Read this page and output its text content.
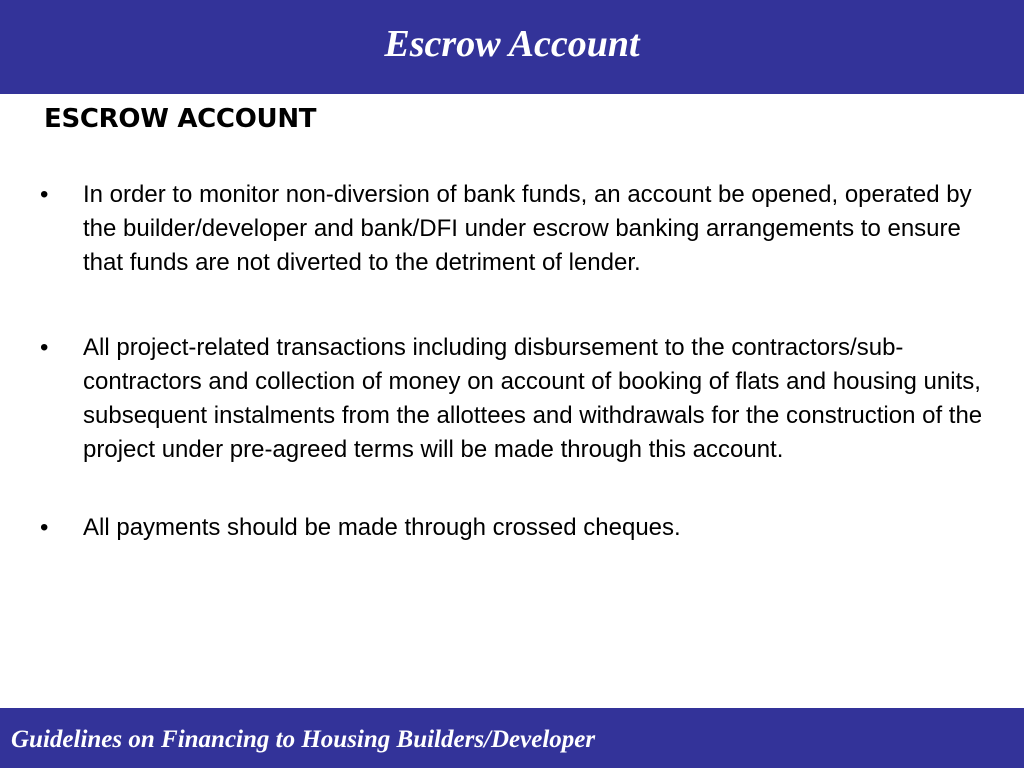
Escrow Account
ESCROW ACCOUNT
•	In order to monitor non-diversion of bank funds, an account be opened, operated by the builder/developer and bank/DFI under escrow banking arrangements to ensure that funds are not diverted to the detriment of lender.
•	All project-related transactions including disbursement to the contractors/sub-contractors and collection of money on account of booking of flats and housing units, subsequent instalments from the allottees and withdrawals for the construction of the project under pre-agreed terms will be made through this account.
•	All payments should be made through crossed cheques.
Guidelines on Financing to Housing Builders/Developer
